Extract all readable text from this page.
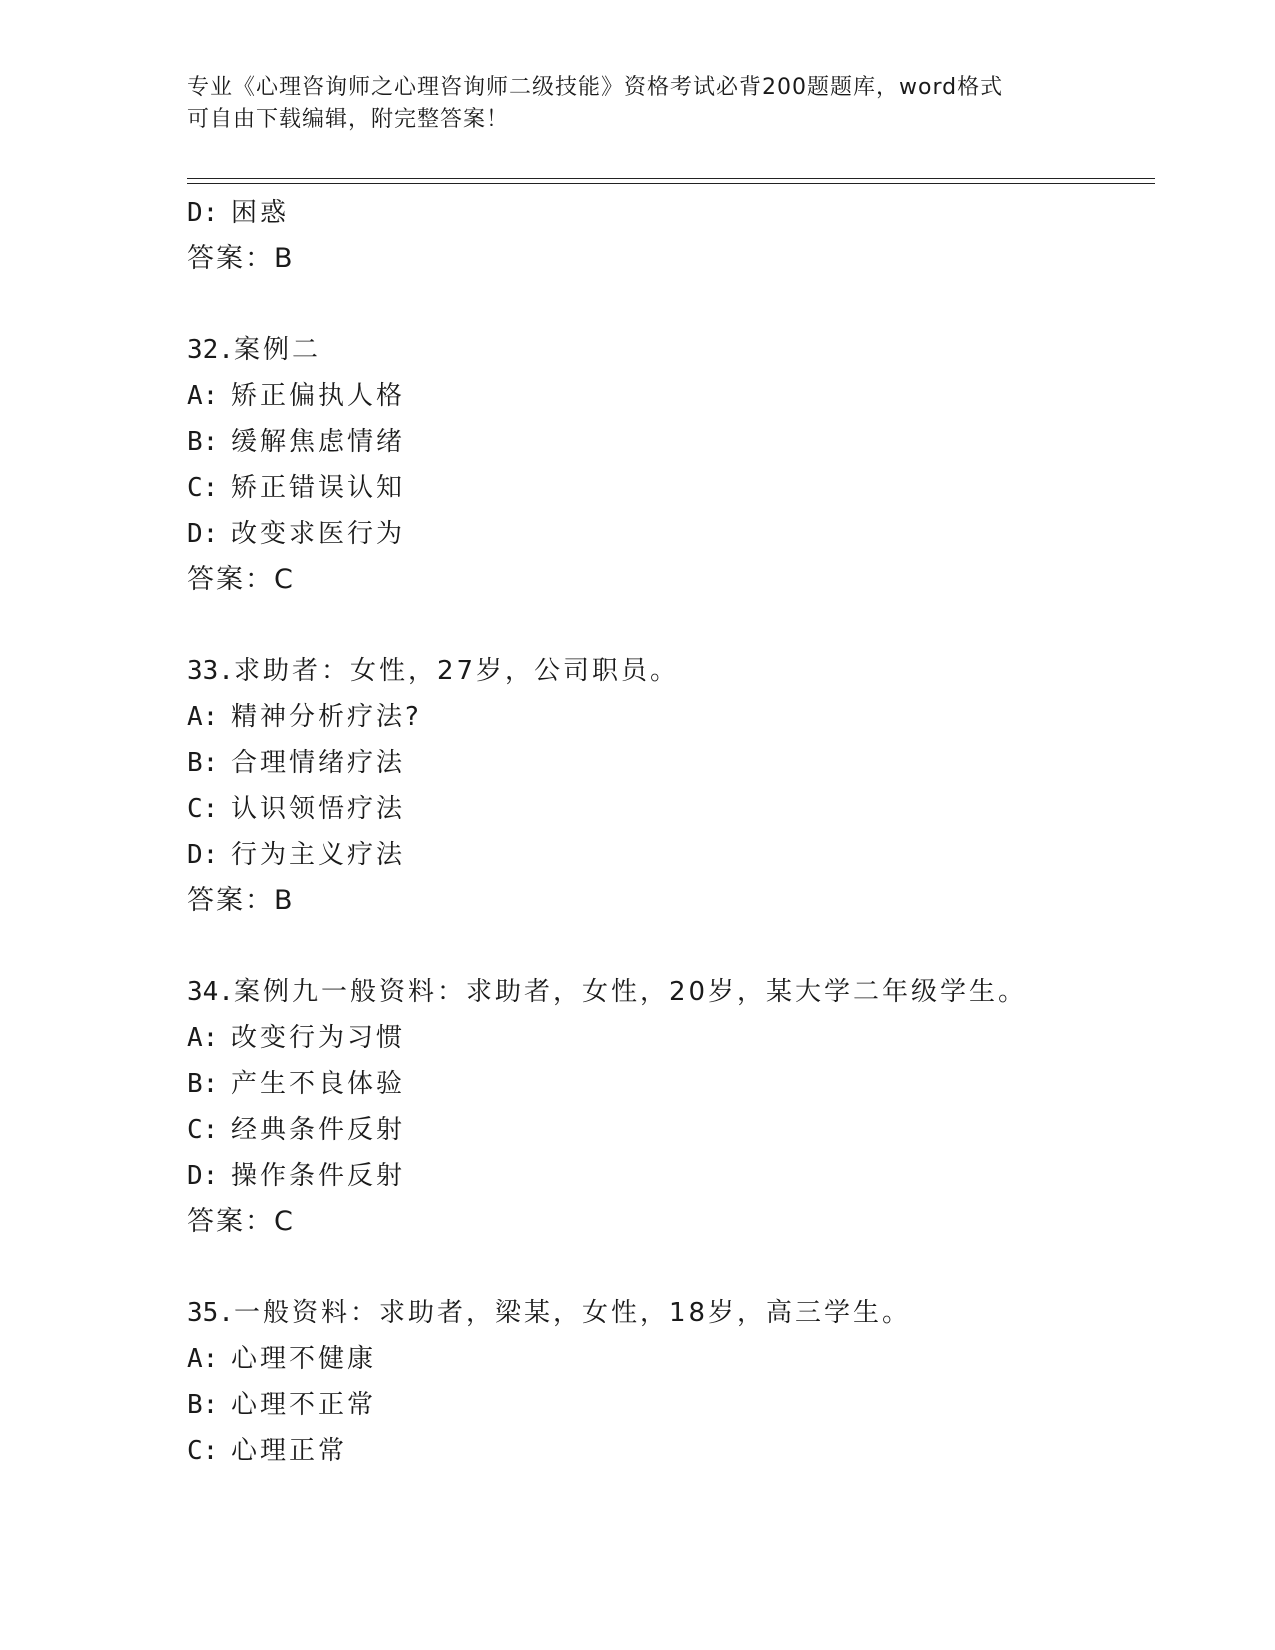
专业《心理咨询师之心理咨询师二级技能》资格考试必背200题题库，word格式
可自由下载编辑，附完整答案！
D: 困惑
答案：B
32.案例二
A: 矫正偏执人格
B: 缓解焦虑情绪
C: 矫正错误认知
D: 改变求医行为
答案：C
33.求助者：女性，27岁，公司职员。
A: 精神分析疗法?
B: 合理情绪疗法
C: 认识领悟疗法
D: 行为主义疗法
答案：B
34.案例九一般资料：求助者，女性，20岁，某大学二年级学生。
A: 改变行为习惯
B: 产生不良体验
C: 经典条件反射
D: 操作条件反射
答案：C
35.一般资料：求助者，梁某，女性，18岁，高三学生。
A: 心理不健康
B: 心理不正常
C: 心理正常
